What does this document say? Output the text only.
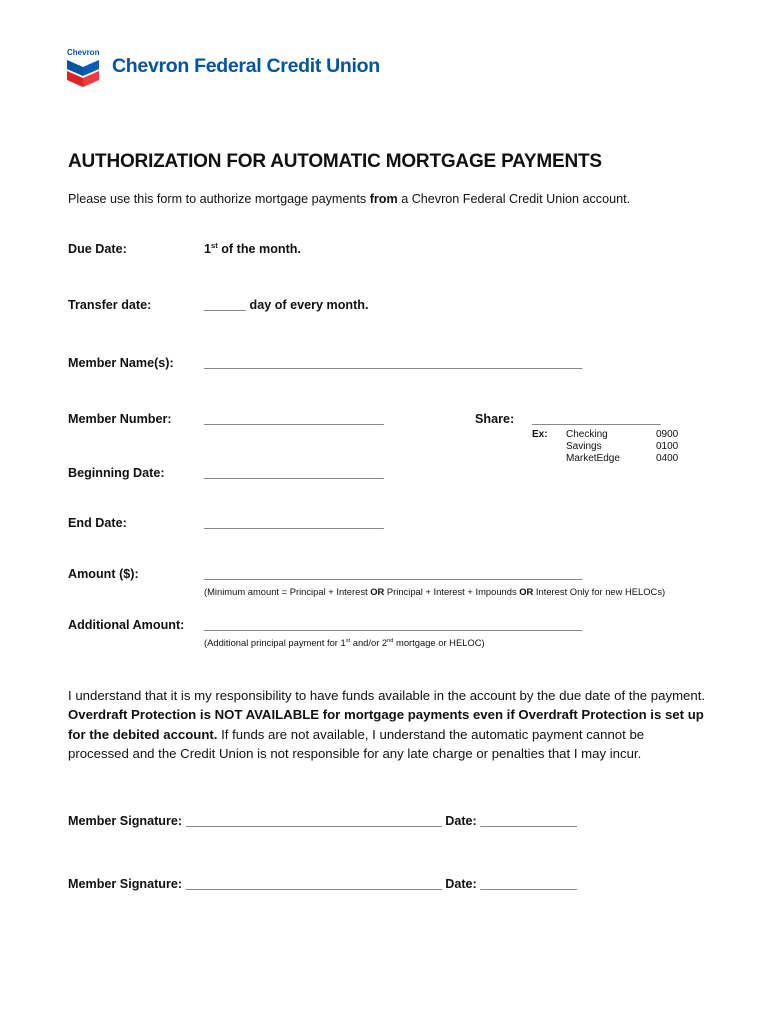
Chevron
Chevron Federal Credit Union
AUTHORIZATION FOR AUTOMATIC MORTGAGE PAYMENTS
Please use this form to authorize mortgage payments from a Chevron Federal Credit Union account.
Due Date:	1st of the month.
Transfer date:	______ day of every month.
Member Name(s): ___________________________________________________________
Member Number:	____________________________	Share: ____________________
Ex: Checking	0900
Savings	0100
MarketEdge	0400
Beginning Date:	____________________________
End Date:	____________________________
Amount ($):	___________________________________________________________
(Minimum amount = Principal + Interest OR Principal + Interest + Impounds OR Interest Only for new HELOCs)
Additional Amount: ___________________________________________________________
(Additional principal payment for 1st and/or 2nd mortgage or HELOC)
I understand that it is my responsibility to have funds available in the account by the due date of the payment. Overdraft Protection is NOT AVAILABLE for mortgage payments even if Overdraft Protection is set up for the debited account. If funds are not available, I understand the automatic payment cannot be processed and the Credit Union is not responsible for any late charge or penalties that I may incur.
Member Signature: ________________________________________ Date: _______________
Member Signature: ________________________________________ Date: _______________
